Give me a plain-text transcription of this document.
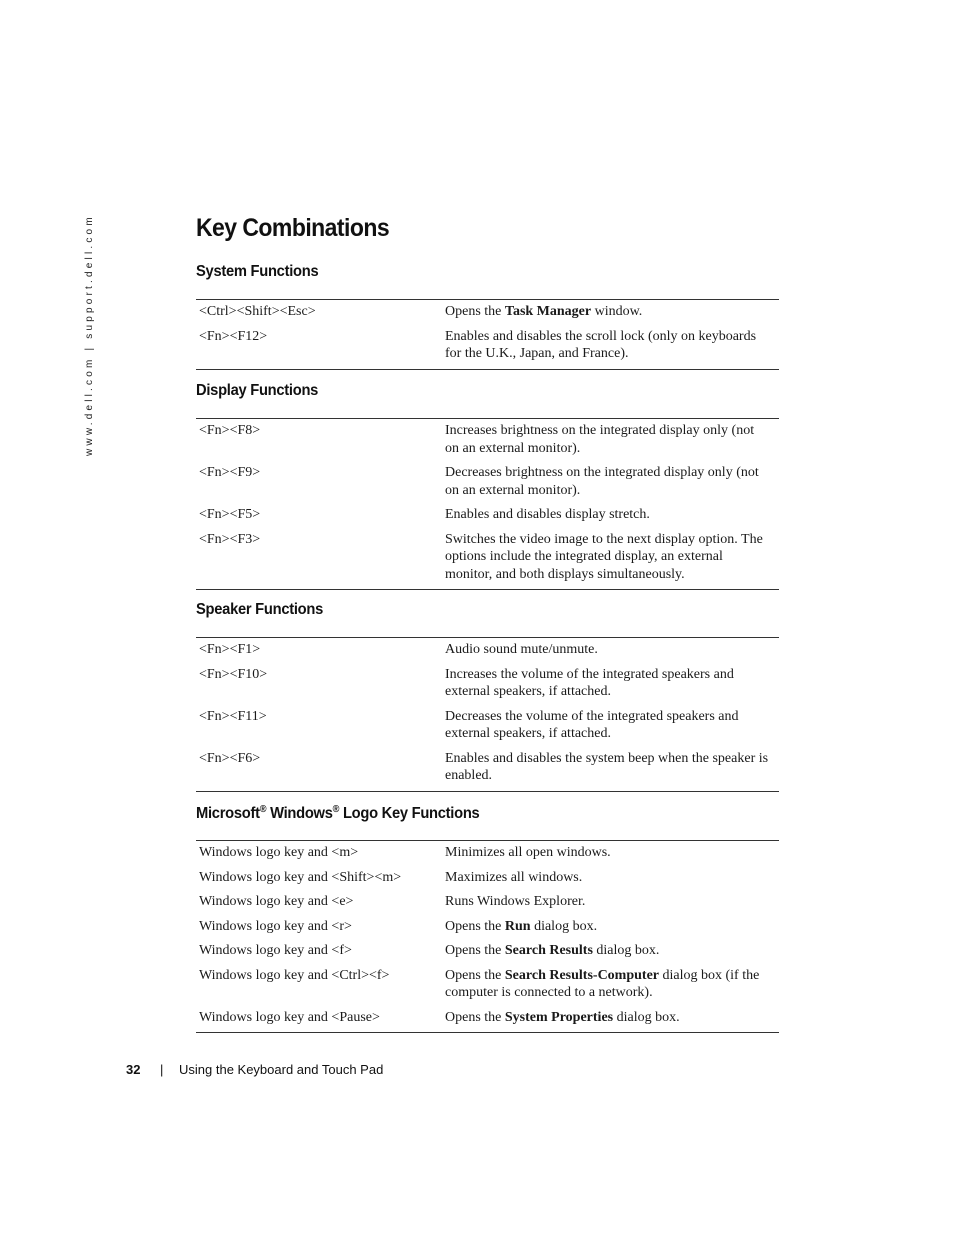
www.dell.com | support.dell.com	Key Combinations
System Functions
<Ctrl><Shift><Esc>	Opens the Task Manager window.
<Fn><F12>	Enables and disables the scroll lock (only on keyboards for the U.K., Japan, and France).
Display Functions
<Fn><F8>	Increases brightness on the integrated display only (not on an external monitor).
<Fn><F9>	Decreases brightness on the integrated display only (not on an external monitor).
<Fn><F5>	Enables and disables display stretch.
<Fn><F3>	Switches the video image to the next display option. The options include the integrated display, an external monitor, and both displays simultaneously.
Speaker Functions
<Fn><F1>	Audio sound mute/unmute.
<Fn><F10>	Increases the volume of the integrated speakers and external speakers, if attached.
<Fn><F11>	Decreases the volume of the integrated speakers and external speakers, if attached.
<Fn><F6>	Enables and disables the system beep when the speaker is enabled.
Microsoft® Windows® Logo Key Functions
Windows logo key and <m>	Minimizes all open windows.
Windows logo key and <Shift><m>	Maximizes all windows.
Windows logo key and <e>	Runs Windows Explorer.
Windows logo key and <r>	Opens the Run dialog box.
Windows logo key and <f>	Opens the Search Results dialog box.
Windows logo key and <Ctrl><f>	Opens the Search Results-Computer dialog box (if the computer is connected to a network).
Windows logo key and <Pause>	Opens the System Properties dialog box.
32 | Using the Keyboard and Touch Pad
